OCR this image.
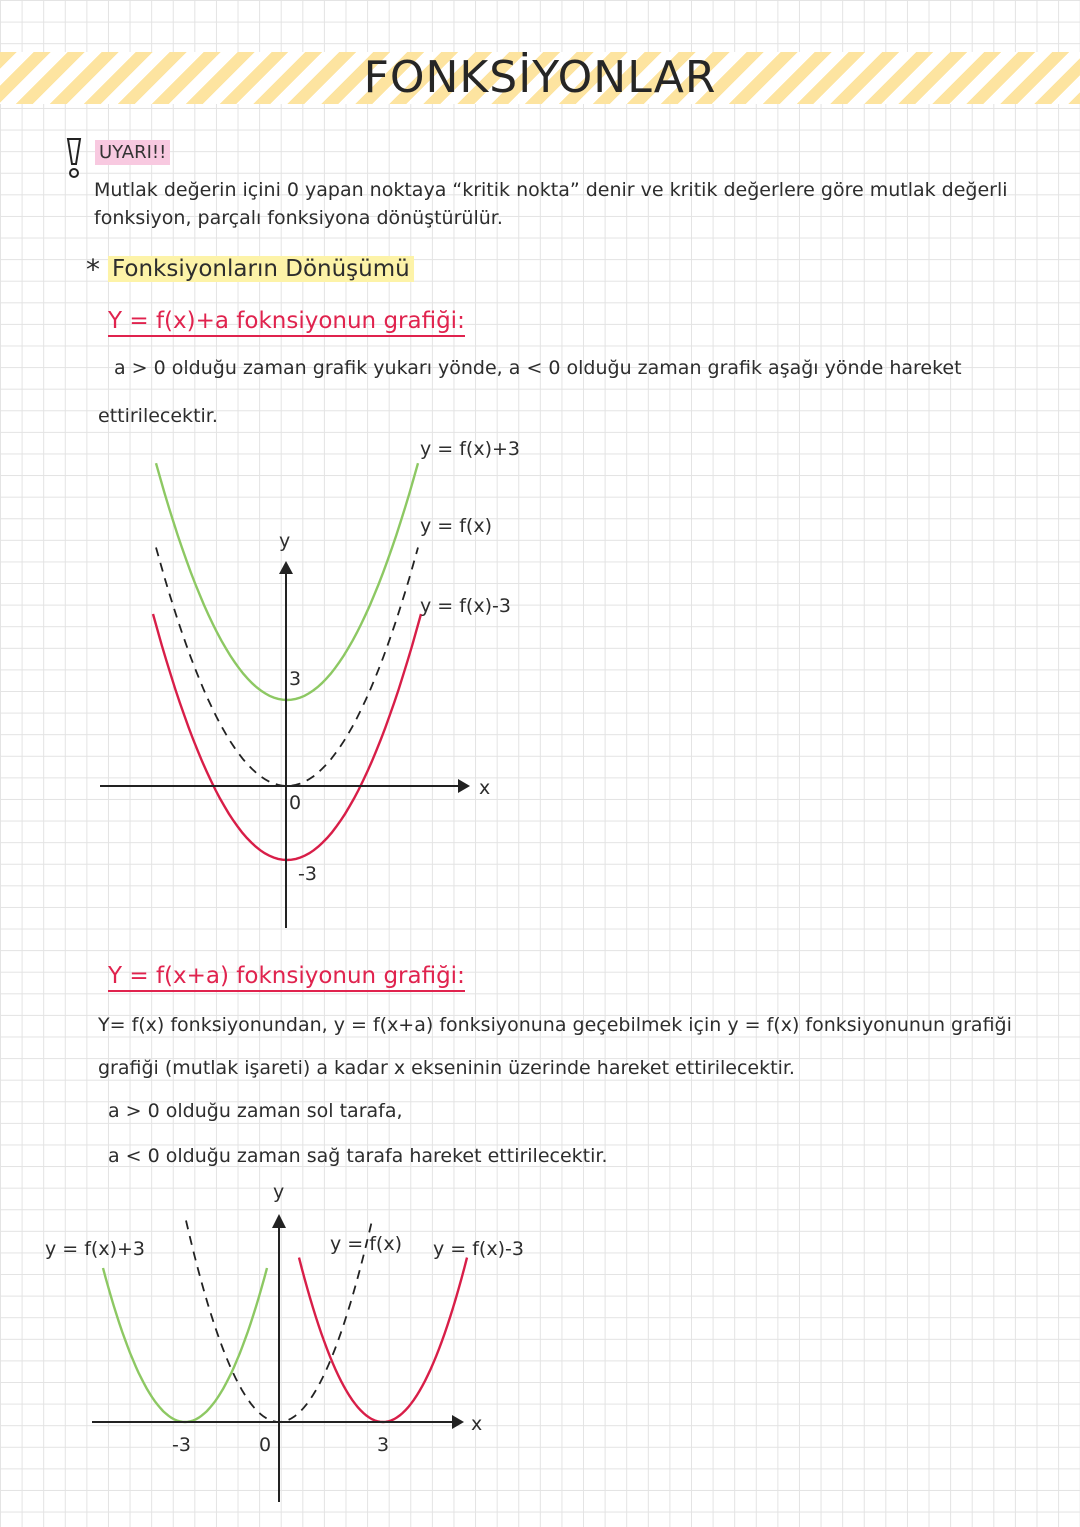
FONKSİYONLAR
UYARI!!
Mutlak değerin içini 0 yapan noktaya “kritik nokta” denir ve kritik değerlere göre mutlak değerli fonksiyon, parçalı fonksiyona dönüştürülür.
* Fonksiyonların Dönüşümü
Y = f(x)+a foknsiyonun grafiği:
a > 0 olduğu zaman grafik yukarı yönde, a < 0 olduğu zaman grafik aşağı yönde hareket
ettirilecektir.
x
y
3
0
-3
y = f(x)+3
y = f(x)
y = f(x)-3
Y = f(x+a) foknsiyonun grafiği:
Y= f(x) fonksiyonundan, y = f(x+a) fonksiyonuna geçebilmek için y = f(x) fonksiyonunun grafiği
grafiği (mutlak işareti) a kadar x ekseninin üzerinde hareket ettirilecektir.
a > 0 olduğu zaman sol tarafa,
a < 0 olduğu zaman sağ tarafa hareket ettirilecektir.
x
y
-3	0	3
y = f(x)+3	y = f(x) y = f(x)-3
